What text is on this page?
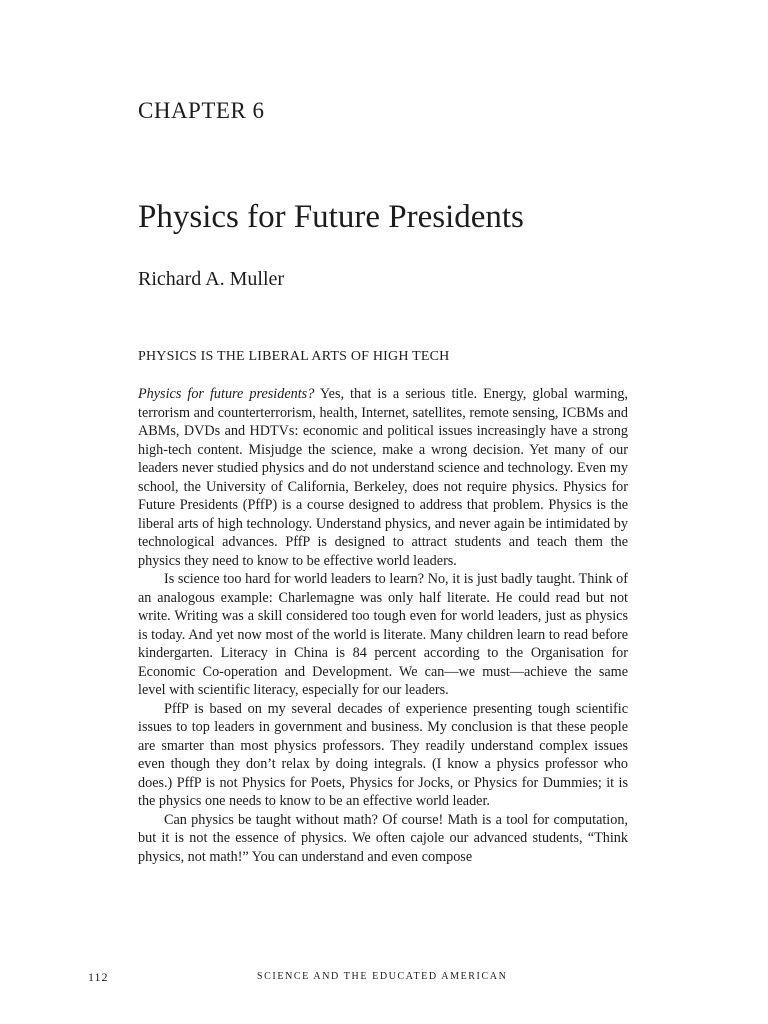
CHAPTER 6
Physics for Future Presidents
Richard A. Muller
PHYSICS IS THE LIBERAL ARTS OF HIGH TECH

Physics for future presidents? Yes, that is a serious title. Energy, global warming, terrorism and counterterrorism, health, Internet, satellites, remote sensing, ICBMs and ABMs, DVDs and HDTVs: economic and political issues increasingly have a strong high-tech content. Misjudge the science, make a wrong decision. Yet many of our leaders never studied physics and do not understand science and technology. Even my school, the University of California, Berkeley, does not require physics. Physics for Future Presidents (PffP) is a course designed to address that problem. Physics is the liberal arts of high technology. Understand physics, and never again be intimidated by technological advances. PffP is designed to attract students and teach them the physics they need to know to be effective world leaders.

Is science too hard for world leaders to learn? No, it is just badly taught. Think of an analogous example: Charlemagne was only half literate. He could read but not write. Writing was a skill considered too tough even for world leaders, just as physics is today. And yet now most of the world is literate. Many children learn to read before kindergarten. Literacy in China is 84 percent according to the Organisation for Economic Co-operation and Development. We can—we must—achieve the same level with scientific literacy, especially for our leaders.

PffP is based on my several decades of experience presenting tough scientific issues to top leaders in government and business. My conclusion is that these people are smarter than most physics professors. They readily understand complex issues even though they don’t relax by doing integrals. (I know a physics professor who does.) PffP is not Physics for Poets, Physics for Jocks, or Physics for Dummies; it is the physics one needs to know to be an effective world leader.

Can physics be taught without math? Of course! Math is a tool for computation, but it is not the essence of physics. We often cajole our advanced students, “Think physics, not math!” You can understand and even compose

112	SCIENCE AND THE EDUCATED AMERICAN
